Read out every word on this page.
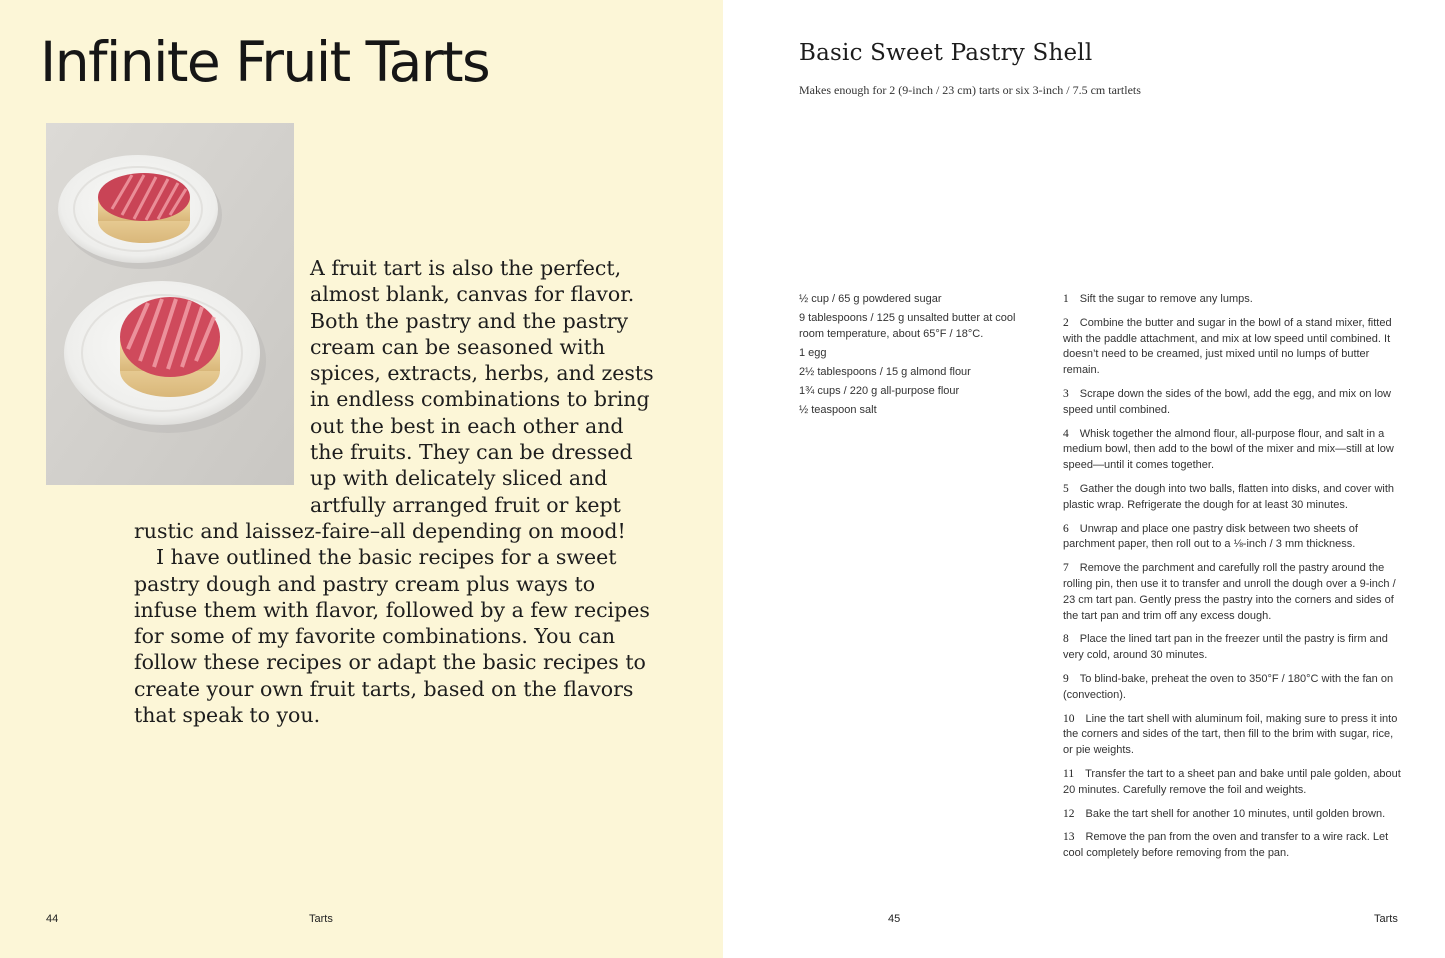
Infinite Fruit Tarts

A fruit tart is also the perfect, almost blank, canvas for flavor. Both the pastry and the pastry cream can be seasoned with spices, extracts, herbs, and zests in endless combinations to bring out the best in each other and the fruits. They can be dressed up with delicately sliced and artfully arranged fruit or kept rustic and laissez-faire–all depending on mood!

I have outlined the basic recipes for a sweet pastry dough and pastry cream plus ways to infuse them with flavor, followed by a few recipes for some of my favorite combinations. You can follow these recipes or adapt the basic recipes to create your own fruit tarts, based on the flavors that speak to you.

44	Tarts
Basic Sweet Pastry Shell

Makes enough for 2 (9-inch / 23 cm) tarts or six 3-inch / 7.5 cm tartlets

½ cup / 65 g powdered sugar
9 tablespoons / 125 g unsalted butter at cool room temperature, about 65°F / 18°C.
1 egg
2½ tablespoons / 15 g almond flour
1¾ cups / 220 g all-purpose flour
½ teaspoon salt
1 Sift the sugar to remove any lumps.
2 Combine the butter and sugar in the bowl of a stand mixer, fitted with the paddle attachment, and mix at low speed until combined. It doesn’t need to be creamed, just mixed until no lumps of butter remain.
3 Scrape down the sides of the bowl, add the egg, and mix on low speed until combined.
4 Whisk together the almond flour, all-purpose flour, and salt in a medium bowl, then add to the bowl of the mixer and mix—still at low speed—until it comes together.
5 Gather the dough into two balls, flatten into disks, and cover with plastic wrap. Refrigerate the dough for at least 30 minutes.
6 Unwrap and place one pastry disk between two sheets of parchment paper, then roll out to a ⅛-inch / 3 mm thickness.
7 Remove the parchment and carefully roll the pastry around the rolling pin, then use it to transfer and unroll the dough over a 9-inch / 23 cm tart pan. Gently press the pastry into the corners and sides of the tart pan and trim off any excess dough.
8 Place the lined tart pan in the freezer until the pastry is firm and very cold, around 30 minutes.
9 To blind-bake, preheat the oven to 350°F / 180°C with the fan on (convection).
10 Line the tart shell with aluminum foil, making sure to press it into the corners and sides of the tart, then fill to the brim with sugar, rice, or pie weights.
11 Transfer the tart to a sheet pan and bake until pale golden, about 20 minutes. Carefully remove the foil and weights.
12 Bake the tart shell for another 10 minutes, until golden brown.
13 Remove the pan from the oven and transfer to a wire rack. Let cool completely before removing from the pan.
45	Tarts
